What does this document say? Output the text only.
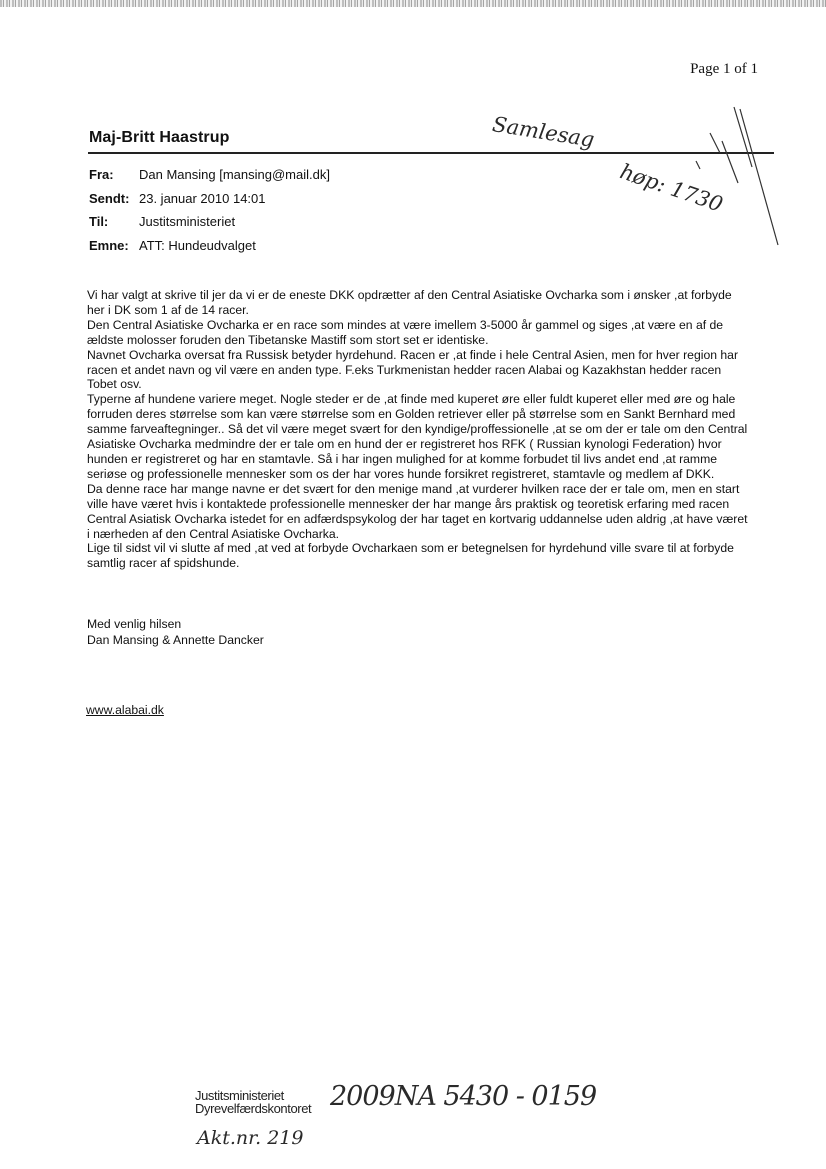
Page 1 of 1
Maj-Britt Haastrup	Samlesag
høp: 1730
Fra:	Dan Mansing [mansing@mail.dk]
Sendt: 23. januar 2010 14:01
Til:	Justitsministeriet
Emne: ATT: Hundeudvalget

Vi har valgt at skrive til jer da vi er de eneste DKK opdrætter af den Central Asiatiske Ovcharka som i ønsker ,at forbyde her i DK som 1 af de 14 racer.

Den Central Asiatiske Ovcharka er en race som mindes at være imellem 3-5000 år gammel og siges ,at være en af de ældste molosser foruden den Tibetanske Mastiff som stort set er identiske.

Navnet Ovcharka oversat fra Russisk betyder hyrdehund. Racen er ,at finde i hele Central Asien, men for hver region har racen et andet navn og vil være en anden type. F.eks Turkmenistan hedder racen Alabai og Kazakhstan hedder racen Tobet osv.

Typerne af hundene variere meget. Nogle steder er de ,at finde med kuperet øre eller fuldt kuperet eller med øre og hale forruden deres størrelse som kan være størrelse som en Golden retriever eller på størrelse som en Sankt Bernhard med samme farveaftegninger.. Så det vil være meget svært for den kyndige/proffessionelle ,at se om der er tale om den Central Asiatiske Ovcharka medmindre der er tale om en hund der er registreret hos RFK ( Russian kynologi Federation) hvor hunden er registreret og har en stamtavle. Så i har ingen mulighed for at komme forbudet til livs andet end ,at ramme seriøse og professionelle mennesker som os der har vores hunde forsikret registreret, stamtavle og medlem af DKK.

Da denne race har mange navne er det svært for den menige mand ,at vurderer hvilken race der er tale om, men en start ville have været hvis i kontaktede professionelle mennesker der har mange års praktisk og teoretisk erfaring med racen Central Asiatisk Ovcharka istedet for en adfærdspsykolog der har taget en kortvarig uddannelse uden aldrig ,at have været i nærheden af den Central Asiatiske Ovcharka.

Lige til sidst vil vi slutte af med ,at ved at forbyde Ovcharkaen som er betegnelsen for hyrdehund ville svare til at forbyde samtlig racer af spidshunde.

Med venlig hilsen
Dan Mansing & Annette Dancker
www.alabai.dk
Justitsministeriet
Dyrevelfærdskontoret 2009NA 5430 - 0159
Akt.nr. 219
